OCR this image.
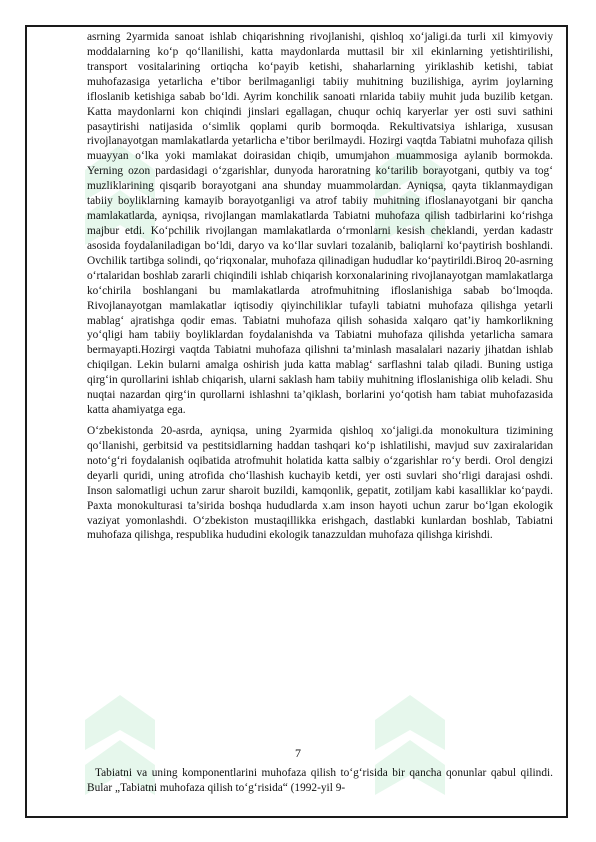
asrning 2yarmida sanoat ishlab chiqarishning rivojlanishi, qishloq xo‘jaligi.da turli xil kimyoviy moddalarning ko‘p qo‘llanilishi, katta maydonlarda muttasil bir xil ekinlarning yetishtirilishi, transport vositalarining ortiqcha ko‘payib ketishi, shaharlarning yiriklashib ketishi, tabiat muhofazasiga yetarlicha e’tibor berilmaganligi tabiiy muhitning buzilishiga, ayrim joylarning ifloslanib ketishiga sabab bo‘ldi. Ayrim konchilik sanoati rnlarida tabiiy muhit juda buzilib ketgan. Katta maydonlarni kon chiqindi jinslari egallagan, chuqur ochiq karyerlar yer osti suvi sathini pasaytirishi natijasida o‘simlik qoplami qurib bormoqda. Rekultivatsiya ishlariga, xususan rivojlanayotgan mamlakatlarda yetarlicha e’tibor berilmaydi. Hozirgi vaqtda Tabiatni muhofaza qilish muayyan o‘lka yoki mamlakat doirasidan chiqib, umumjahon muammosiga aylanib bormokda. Yerning ozon pardasidagi o‘zgarishlar, dunyoda haroratning ko‘tarilib borayotgani, qutbiy va tog‘ muzliklarining qisqarib borayotgani ana shunday muammolardan. Ayniqsa, qayta tiklanmaydigan tabiiy boyliklarning kamayib borayotganligi va atrof tabiiy muhitning ifloslanayotgani bir qancha mamlakatlarda, ayniqsa, rivojlangan mamlakatlarda Tabiatni muhofaza qilish tadbirlarini ko‘rishga majbur etdi. Ko‘pchilik rivojlangan mamlakatlarda o‘rmonlarni kesish cheklandi, yerdan kadastr asosida foydalaniladigan bo‘ldi, daryo va ko‘llar suvlari tozalanib, baliqlarni ko‘paytirish boshlandi. Ovchilik tartibga solindi, qo‘riqxonalar, muhofaza qilinadigan hududlar ko‘paytirildi.Biroq 20-asrning o‘rtalaridan boshlab zararli chiqindili ishlab chiqarish korxonalarining rivojlanayotgan mamlakatlarga ko‘chirila boshlangani bu mamlakatlarda atrofmuhitning ifloslanishiga sabab bo‘lmoqda. Rivojlanayotgan mamlakatlar iqtisodiy qiyinchiliklar tufayli tabiatni muhofaza qilishga yetarli mablag‘ ajratishga qodir emas. Tabiatni muhofaza qilish sohasida xalqaro qat’iy hamkorlikning yo‘qligi ham tabiiy boyliklardan foydalanishda va Tabiatni muhofaza qilishda yetarlicha samara bermayapti.Hozirgi vaqtda Tabiatni muhofaza qilishni ta’minlash masalalari nazariy jihatdan ishlab chiqilgan. Lekin bularni amalga oshirish juda katta mablag‘ sarflashni talab qiladi. Buning ustiga qirg‘in qurollarini ishlab chiqarish, ularni saklash ham tabiiy muhitning ifloslanishiga olib keladi. Shu nuqtai nazardan qirg‘in qurollarni ishlashni ta’qiklash, borlarini yo‘qotish ham tabiat muhofazasida katta ahamiyatga ega.

O‘zbekistonda 20-asrda, ayniqsa, uning 2yarmida qishloq xo‘jaligi.da monokultura tizimining qo‘llanishi, gerbitsid va pestitsidlarning haddan tashqari ko‘p ishlatilishi, mavjud suv zaxiralaridan noto‘g‘ri foydalanish oqibatida atrofmuhit holatida katta salbiy o‘zgarishlar ro‘y berdi. Orol dengizi deyarli quridi, uning atrofida cho‘llashish kuchayib ketdi, yer osti suvlari sho‘rligi darajasi oshdi. Inson salomatligi uchun zarur sharoit buzildi, kamqonlik, gepatit, zotiljam kabi kasalliklar ko‘paydi. Paxta monokulturasi ta’sirida boshqa hududlarda x.am inson hayoti uchun zarur bo‘lgan ekologik vaziyat yomonlashdi. O‘zbekiston mustaqillikka erishgach, dastlabki kunlardan boshlab, Tabiatni muhofaza qilishga, respublika hududini ekologik tanazzuldan muhofaza qilishga kirishdi.

7

Tabiatni va uning komponentlarini muhofaza qilish to‘g‘risida bir qancha qonunlar qabul qilindi. Bular „Tabiatni muhofaza qilish to‘g‘risida“ (1992-yil 9-
